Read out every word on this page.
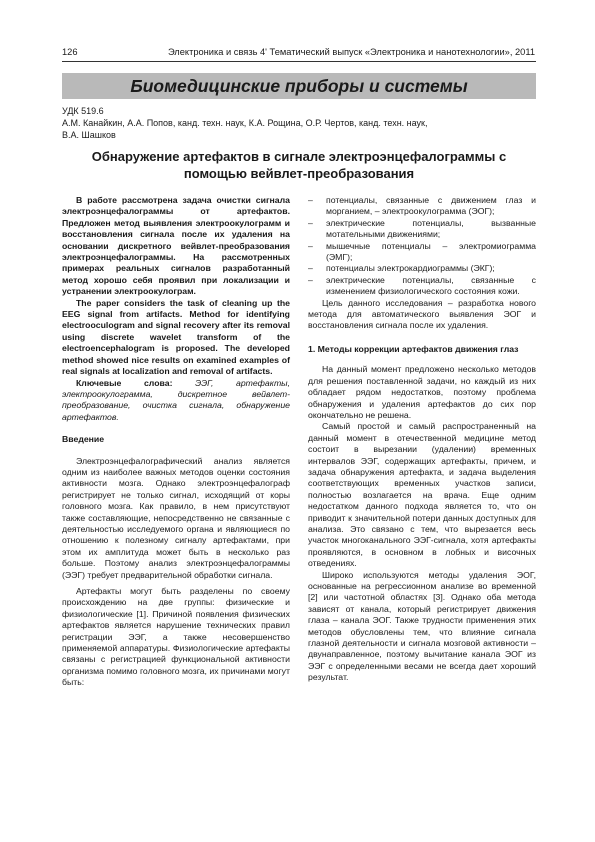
126	Электроника и связь 4' Тематический выпуск «Электроника и нанотехнологии», 2011
Биомедицинские приборы и системы
УДК 519.6
А.М. Канайкин, А.А. Попов, канд. техн. наук, К.А. Рощина, О.Р. Чертов, канд. техн. наук,
В.А. Шашков
Обнаружение артефактов в сигнале электроэнцефалограммы с помощью вейвлет-преобразования

В работе рассмотрена задача очистки сигнала электроэнцефалограммы от артефактов. Предложен метод выявления электроокулограмм и восстановления сигнала после их удаления на основании дискретного вейвлет-преобразования электроэнцефалограммы. На рассмотренных примерах реальных сигналов разработанный метод хорошо себя проявил при локализации и устранении электроокулограм.

The paper considers the task of cleaning up the EEG signal from artifacts. Method for identifying electrooculogram and signal recovery after its removal using discrete wavelet transform of the electroencephalogram is proposed. The developed method showed nice results on examined examples of real signals at localization and removal of artifacts.

Ключевые слова:	ЭЭГ, артефакты, электроокулограмма, дискретное вейвлет-преобразование, очистка сигнала, обнаружение артефактов.

Введение

Электроэнцефалографический анализ является одним из наиболее важных методов оценки состояния активности мозга. Однако электроэнцефалограф регистрирует не только сигнал, исходящий от коры головного мозга. Как правило, в нем присутствуют также составляющие, непосредственно не связанные с деятельностью исследуемого органа и являющиеся по отношению к полезному сигналу артефактами, при этом их амплитуда может быть в несколько раз больше. Поэтому анализ электроэнцефалограммы (ЭЭГ) требует предварительной обработки сигнала.

Артефакты могут быть разделены по своему происхождению на две группы: физические и физиологические [1]. Причиной появления физических артефактов является нарушение технических правил регистрации ЭЭГ, а также несовершенство применяемой аппаратуры. Физиологические артефакты связаны с регистрацией функциональной активности организма помимо головного мозга, их причинами могут быть:

– потенциалы, связанные с движением глаз и морганием, – электроокулограмма (ЭОГ);
– электрические потенциалы, вызванные мотательными движениями;
– мышечные потенциалы – электромиограмма (ЭМГ);
– потенциалы электрокардиограммы (ЭКГ);
– электрические потенциалы, связанные с изменением физиологического состояния кожи.

Цель данного исследования – разработка нового метода для автоматического выявления ЭОГ и восстановления сигнала после их удаления.

1. Методы коррекции артефактов движения глаз

На данный момент предложено несколько методов для решения поставленной задачи, но каждый из них обладает рядом недостатков, поэтому проблема обнаружения и удаления артефактов до сих пор окончательно не решена.

Самый простой и самый распространенный на данный момент в отечественной медицине метод состоит в вырезании (удалении) временных интервалов ЭЭГ, содержащих артефакты, причем, и задача обнаружения артефакта, и задача выделения соответствующих временных участков записи, полностью возлагается на врача. Еще одним недостатком данного подхода является то, что он приводит к значительной потери данных доступных для анализа. Это связано с тем, что вырезается весь участок многоканального ЭЭГ-сигнала, хотя артефакты проявляются, в основном в лобных и височных отведениях.

Широко используются методы удаления ЭОГ, основанные на регрессионном анализе во временной [2] или частотной областях [3]. Однако оба метода зависят от канала, который регистрирует движения глаза – канала ЭОГ. Также трудности применения этих методов обусловлены тем, что влияние сигнала глазной деятельности и сигнала мозговой активности – двунаправленное, поэтому вычитание канала ЭОГ из ЭЭГ с определенными весами не всегда дает хороший результат.
